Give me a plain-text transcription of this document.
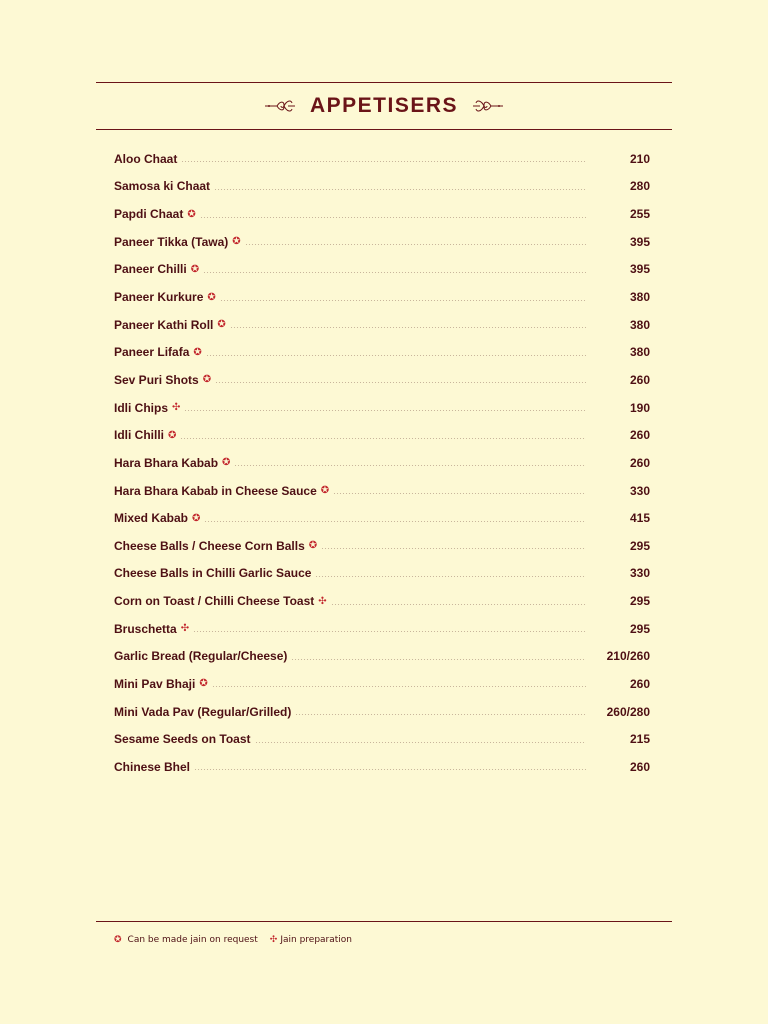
APPETISERS
Aloo Chaat	210
Samosa ki Chaat	280
Papdi Chaat ✪	255
Paneer Tikka (Tawa) ✪	395
Paneer Chilli ✪	395
Paneer Kurkure ✪	380
Paneer Kathi Roll ✪	380
Paneer Lifafa ✪	380
Sev Puri Shots ✪	260
Idli Chips ✣	190
Idli Chilli ✪	260
Hara Bhara Kabab ✪	260
Hara Bhara Kabab in Cheese Sauce ✪	330
Mixed Kabab ✪	415
Cheese Balls / Cheese Corn Balls ✪	295
Cheese Balls in Chilli Garlic Sauce	330
Corn on Toast / Chilli Cheese Toast ✣	295
Bruschetta ✣	295
Garlic Bread (Regular/Cheese)	210/260
Mini Pav Bhaji ✪	260
Mini Vada Pav (Regular/Grilled)	260/280
Sesame Seeds on Toast	215
Chinese Bhel	260
✪ Can be made jain on request ✣ Jain preparation
